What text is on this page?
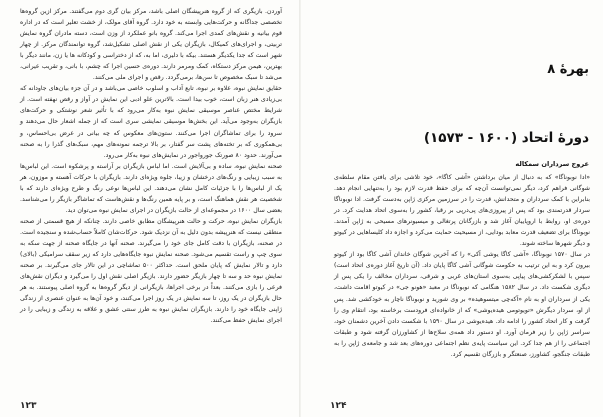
آوردن. بازیگری که از گروه هنرپیشگان اصلی باشد، مرکز بیان گری دوم می‌گفتند. مرکز ازین گروه‌ها تخصصی جداگانه و حرکت‌هایی وابسته به خود دارد. گروه آقای مولک، از خشت تعلیر است که در اداره قوم بیانیه و نقش‌های کمدی اجرا می‌کند. گروه بانو عملکرد از وزن است، دسته مادران گروه نمایش تربیتی، و اجرای‌های کمیکال، بازیگران یکی از نقش اصلی تشکیل‌شد، گروه توانمندگان مرکز. از چهار شهر است که جدا یکدیگر هستند. بیکه با دلیری، اما به، که از دختراسی و کودکانه ها یا زن، مانند دیگر با بهترین، هیمن مرکز دستکاه، کمک ومرمر دارند. دوره‌ی حسین اجرا که چشم، با بانی، و تقریب عیرانی، می‌شد تا سبک مخصوص تا سن‌ها، برمی‌گردد. رقص و اجرای ملی می‌کنند.

حقایق نمایش نبوه، علاوه بر نبوه، تابع آداب و اسلوب خاصی می‌باشد و در آن جزء بیان‌های جاودانه که بی‌زیادی هنر زبان است، خوب بیدا است. بالاترین علو ادبی این نمایش در آواز و رقص نهفته است. از شرایط مختص عناصر موسیقی نمایش نبوه به‌کار می‌رود که با تأثیر شعر نوشتکی و حرکت‌های بازیگران به‌وجود می‌آید. این بخش‌ها موسیقی نمایشی سری است که از جمله اشعار حال می‌دهند و سرود را برای تماشاگران اجرا می‌کنند. ستون‌های معکوس که چه بیانی در عرض بی‌احساس، و بی‌همکوری که بر تخته‌های پشت سر گفتار، بر بالا ترجمه نمونه‌های مهم، سبک‌های گذرا را به صحنه می‌آورند. حدود ۸۰ صورتک جورواجور در نمایش‌های نبوه به‌کار می‌رود.

صحنه نمایش نبوه، ساده و بی‌آلایش است. اما لباس بازیگران بر آراسته و پرشکوه است. این لباس‌ها به سبب زیبایی و رنگ‌های درخشان و زیبا، جلوه ویژه‌ای دارند. بازیگران با حرکات آهسته و موزون، هر یک از لباس‌ها را با جزئیات کامل نشان می‌دهند. این لباس‌ها نوعی رنگ و طرح ویژه‌ای دارند که با شخصیت هر نقش هماهنگ است، و بر پایه همین رنگ‌ها و نقش‌هاست که تماشاگر بازیگر را می‌شناسد. بعضی سال ۱۶۰۰ در مجموعه‌ای از حالت بازیگران در اجرای نمایش نبوه می‌توان دید.

بازیگران نمایش نبوه، حرکت و حالت هنرپیشگان مطابق خاصی دارند. چنانکه از هیچ قسمتی از صحنه منطقی نیست که هنرپیشه بدون دلیل به آن نزدیک شود. حرکات‌شان کاملاً حساب‌شده و سنجیده است. در صحنه، بازیگران با دقت کامل جای خود را می‌گیرند. صحنه آنها در جایگاه صحنه از جهت سکه به سوی چپ و راست تقسیم می‌شود. صحنه نمایش نبوه جایگاه‌هایی دارد که زیر سقف سرامیکی (بالای) دارد و تالار نمایش که پایان ملحق است. حداکثر ۵۰۰ تماشاچی در این تالار جای می‌گیرند. بر صحنه نمایش نبوه حد و سه تا چهار بازیگر حضور دارند. بازیگر اصلی نقش اول را می‌گیرد و دیگران نقش‌های فرعی را بازی می‌کنند. بعداً در برخی اجراها، بازیگرانی از دیگر گروه‌ها به گروه اصلی پیوستند. به هر حال بازیگران در یک روز، تا سه نمایش در یک روز اجرا می‌کنند، و خود آن‌ها به عنوان عنصری از زندگی ژاپنی جایگاه خود را دارند. بازیگران نمایش نبوه به طرز سنتی عشق و علاقه به زندگی و زیبایی را در اجرای نمایش حفظ می‌کنند.

۱۲۳
بهرهٔ ۸
دورهٔ اتحاد (۱۶۰۰ - ۱۵۷۳)
عروج سرداران سمکاله

«ادا نوبوناگا» که به دنبال از میان برداشتن «آشی کاگا»، خود تلاشی برای یافتن مقام سلطه‌ی شوگانی فراهم کرد، دیگر نمی‌توانست آن‌چه که برای حفظ قدرت لازم بود را به‌تنهایی انجام دهد. بنابراین با کمک سرداران و متحدانش، قدرت را در سرزمین مرکزی ژاپن به‌دست گرفت. ادا نوبوناگا سردار قدرتمندی بود که پس از پیروزی‌های پی‌درپی بر رقبا، کشور را به‌سوی اتحاد هدایت کرد. در دوره‌ی او، روابط با اروپاییان آغاز شد و بازرگانان پرتغالی و میسیونرهای مسیحی به ژاپن آمدند. نوبوناگا برای تضعیف قدرت معابد بودایی، از مسیحیت حمایت می‌کرد و اجازه داد کلیساهایی در کیوتو و دیگر شهرها ساخته شوند.

در سال ۱۵۷۰ نوبوناگا، «آشی کاگا یوشی آکی» را که آخرین شوگان خاندان آشی کاگا بود از کیوتو بیرون کرد و به این ترتیب به حکومت شوگانی آشی کاگا پایان داد. (آن تاریخ آغاز دوره‌ی اتحاد است) سپس با لشکرکشی‌های پیاپی به‌سوی استان‌های غربی و شرقی، سرداران مخالف را یکی پس از دیگری شکست داد. در سال ۱۵۸۲ هنگامی که نوبوناگا در معبد «هونو جی» در کیوتو اقامت داشت، یکی از سرداران او به نام «آکه‌چی میتسوهیده» بر وی شورید و نوبوناگا ناچار به خودکشی شد. پس از او، سردار دیگرش «تویوتومی هیده‌یوشی» که از خانواده‌ای فرودست برخاسته بود، انتقام وی را گرفت و کار اتحاد کشور را ادامه داد. هیده‌یوشی در سال ۱۵۹۰ با شکست دادن آخرین دشمنان خود، سراسر ژاپن را زیر فرمان آورد. او دستور داد همه‌ی سلاح‌ها از کشاورزان گرفته شود و طبقات اجتماعی را از هم جدا کرد. این سیاست پایه‌ی نظم اجتماعی دوره‌های بعد شد و جامعه‌ی ژاپن را به طبقات جنگجو، کشاورز، صنعتگر و بازرگان تقسیم کرد.

۱۲۴
